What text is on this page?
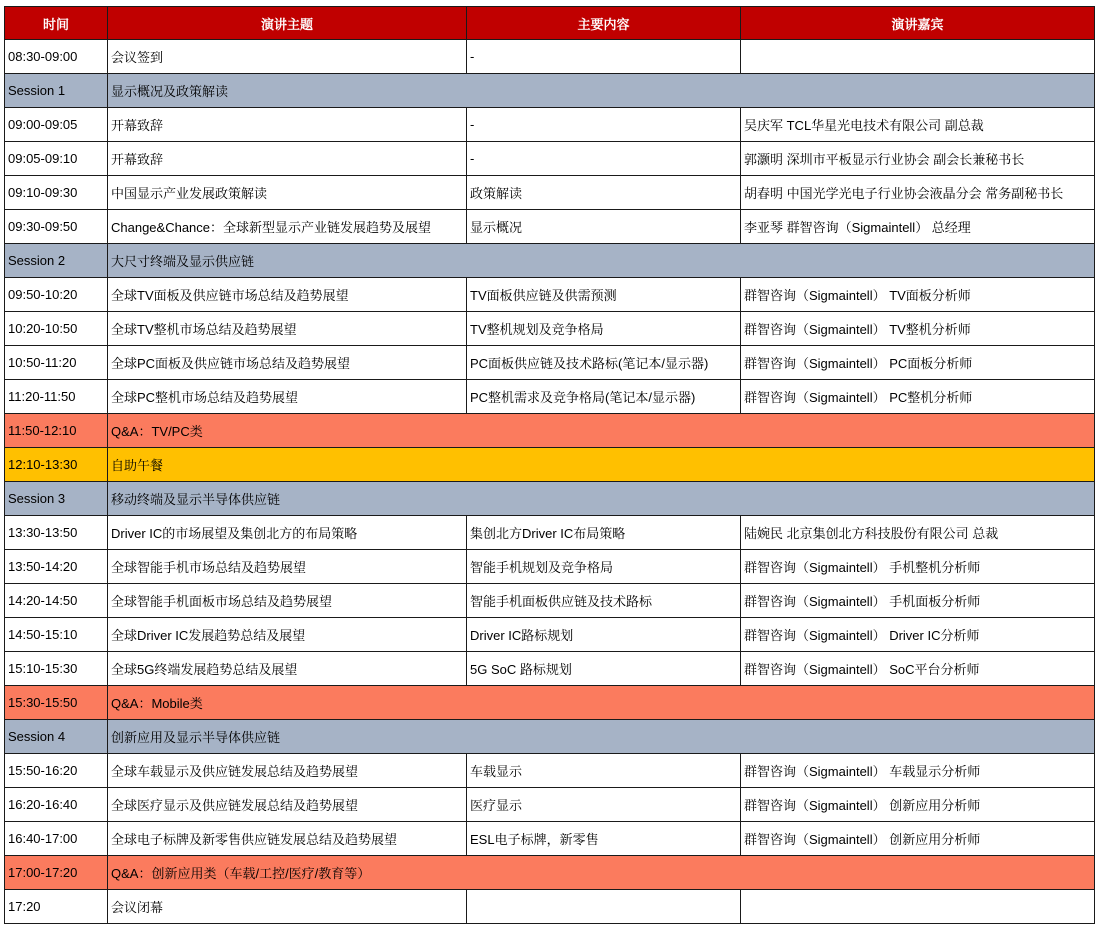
时间	演讲主题	主要内容	演讲嘉宾
08:30-09:00	会议签到	-	
Session 1	显示概况及政策解读		
09:00-09:05	开幕致辞	-	吴庆军 TCL华星光电技术有限公司 副总裁
09:05-09:10	开幕致辞	-	郭灏明 深圳市平板显示行业协会 副会长兼秘书长
09:10-09:30	中国显示产业发展政策解读	政策解读	胡春明 中国光学光电子行业协会液晶分会 常务副秘书长
09:30-09:50	Change&Chance：全球新型显示产业链发展趋势及展望	显示概况	李亚琴 群智咨询（Sigmaintell） 总经理
Session 2	大尺寸终端及显示供应链		
09:50-10:20	全球TV面板及供应链市场总结及趋势展望	TV面板供应链及供需预测	群智咨询（Sigmaintell） TV面板分析师
10:20-10:50	全球TV整机市场总结及趋势展望	TV整机规划及竞争格局	群智咨询（Sigmaintell） TV整机分析师
10:50-11:20	全球PC面板及供应链市场总结及趋势展望	PC面板供应链及技术路标(笔记本/显示器)	群智咨询（Sigmaintell） PC面板分析师
11:20-11:50	全球PC整机市场总结及趋势展望	PC整机需求及竞争格局(笔记本/显示器)	群智咨询（Sigmaintell） PC整机分析师
11:50-12:10	Q&A：TV/PC类		
12:10-13:30	自助午餐		
Session 3	移动终端及显示半导体供应链		
13:30-13:50	Driver IC的市场展望及集创北方的布局策略	集创北方Driver IC布局策略	陆婉民 北京集创北方科技股份有限公司 总裁
13:50-14:20	全球智能手机市场总结及趋势展望	智能手机规划及竞争格局	群智咨询（Sigmaintell） 手机整机分析师
14:20-14:50	全球智能手机面板市场总结及趋势展望	智能手机面板供应链及技术路标	群智咨询（Sigmaintell） 手机面板分析师
14:50-15:10	全球Driver IC发展趋势总结及展望	Driver IC路标规划	群智咨询（Sigmaintell） Driver IC分析师
15:10-15:30	全球5G终端发展趋势总结及展望	5G SoC 路标规划	群智咨询（Sigmaintell） SoC平台分析师
15:30-15:50	Q&A：Mobile类		
Session 4	创新应用及显示半导体供应链		
15:50-16:20	全球车载显示及供应链发展总结及趋势展望	车载显示	群智咨询（Sigmaintell） 车载显示分析师
16:20-16:40	全球医疗显示及供应链发展总结及趋势展望	医疗显示	群智咨询（Sigmaintell） 创新应用分析师
16:40-17:00	全球电子标牌及新零售供应链发展总结及趋势展望	ESL电子标牌，新零售	群智咨询（Sigmaintell） 创新应用分析师
17:00-17:20	Q&A：创新应用类（车载/工控/医疗/教育等）		
17:20	会议闭幕		
